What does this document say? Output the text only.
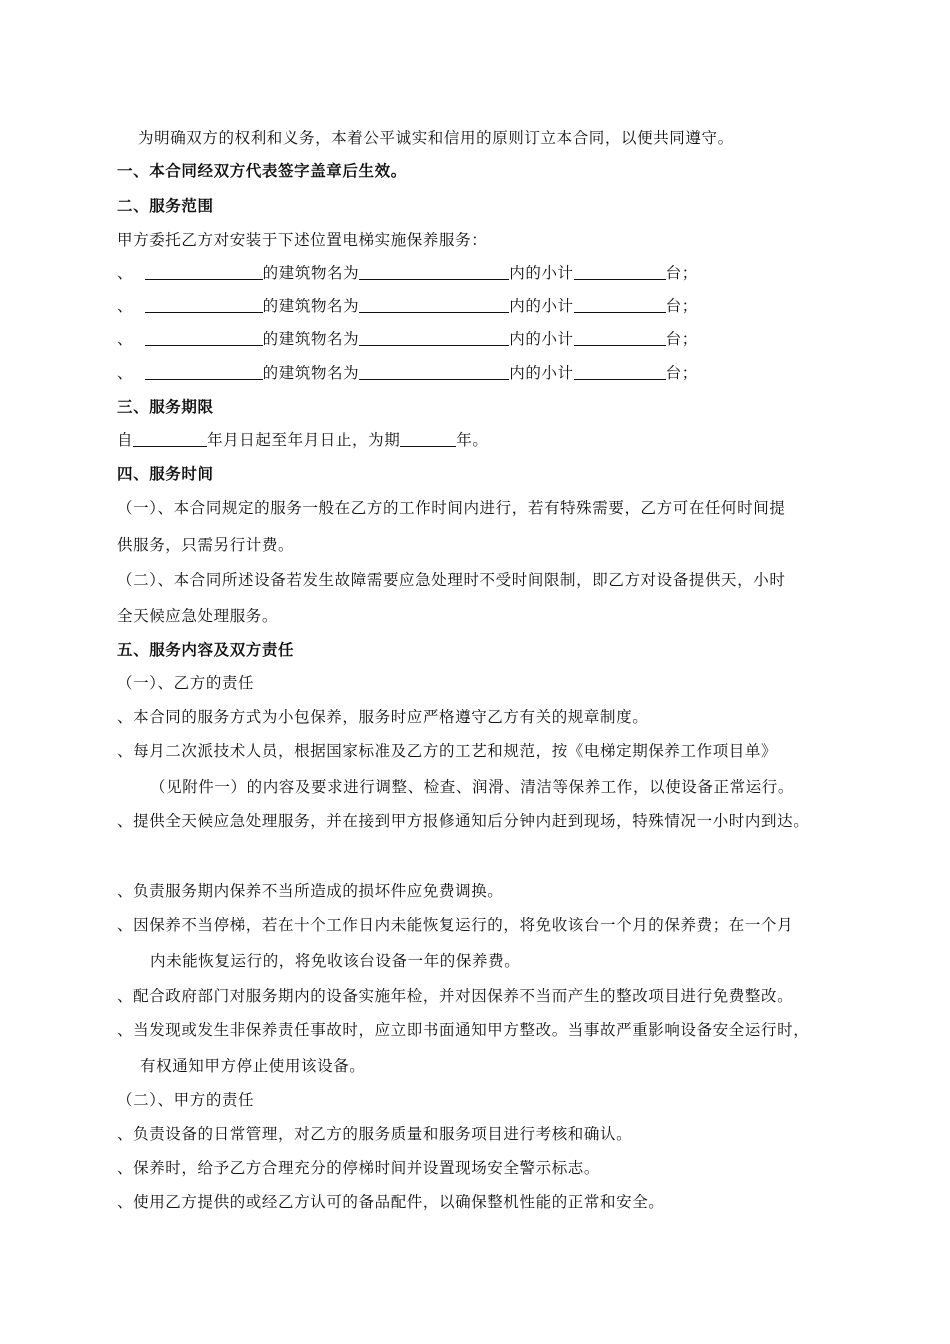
为明确双方的权利和义务，本着公平诚实和信用的原则订立本合同，以便共同遵守。
一、本合同经双方代表签字盖章后生效。
二、服务范围
甲方委托乙方对安装于下述位置电梯实施保养服务：
、	的建筑物名为	内的小计	台；
、	的建筑物名为	内的小计	台；
、	的建筑物名为	内的小计	台；
、	的建筑物名为	内的小计	台；
三、服务期限
自	年月日起至年月日止，为期	年。
四、服务时间
（一）、本合同规定的服务一般在乙方的工作时间内进行，若有特殊需要，乙方可在任何时间提
供服务，只需另行计费。
（二）、本合同所述设备若发生故障需要应急处理时不受时间限制，即乙方对设备提供天，小时
全天候应急处理服务。
五、服务内容及双方责任
（一）、乙方的责任
、本合同的服务方式为小包保养，服务时应严格遵守乙方有关的规章制度。
、每月二次派技术人员，根据国家标准及乙方的工艺和规范，按《电梯定期保养工作项目单》
（见附件一）的内容及要求进行调整、检查、润滑、清洁等保养工作，以使设备正常运行。
、提供全天候应急处理服务，并在接到甲方报修通知后分钟内赶到现场，特殊情况一小时内到达。
、负责服务期内保养不当所造成的损坏件应免费调换。
、因保养不当停梯，若在十个工作日内未能恢复运行的，将免收该台一个月的保养费；在一个月
内未能恢复运行的，将免收该台设备一年的保养费。
、配合政府部门对服务期内的设备实施年检，并对因保养不当而产生的整改项目进行免费整改。
、当发现或发生非保养责任事故时，应立即书面通知甲方整改。当事故严重影响设备安全运行时，
有权通知甲方停止使用该设备。
（二）、甲方的责任
、负责设备的日常管理，对乙方的服务质量和服务项目进行考核和确认。
、保养时，给予乙方合理充分的停梯时间并设置现场安全警示标志。
、使用乙方提供的或经乙方认可的备品配件，以确保整机性能的正常和安全。
